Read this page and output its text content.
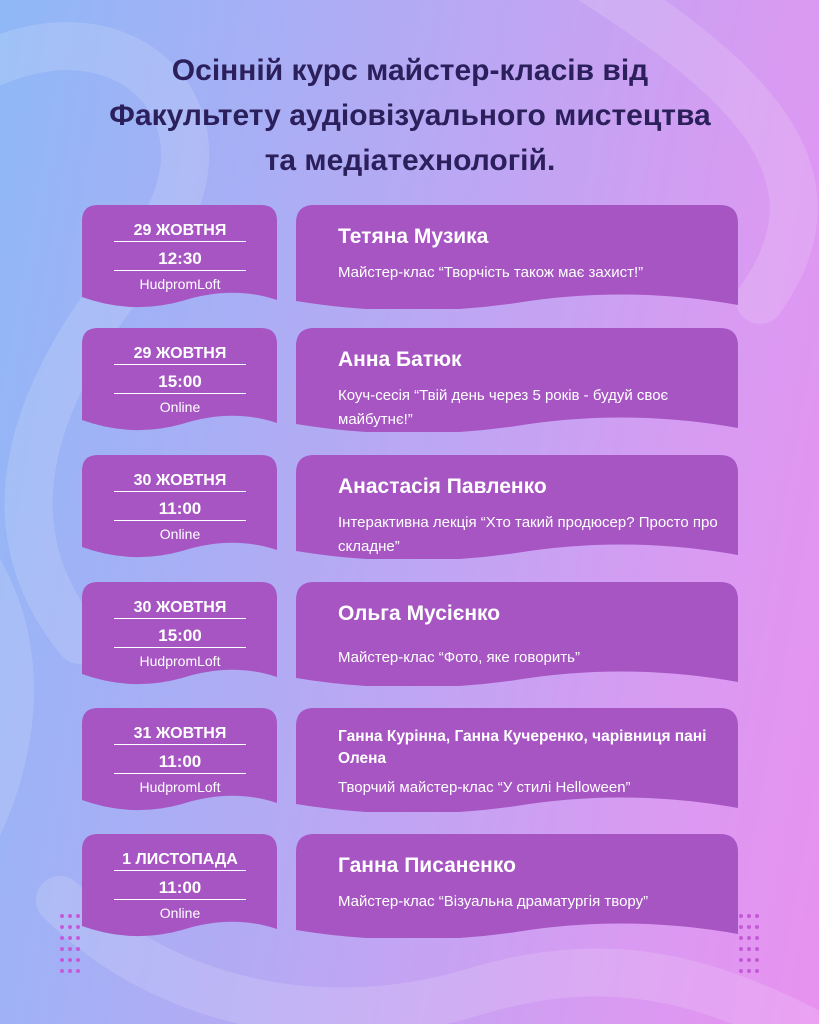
Осінній курс майстер-класів від
Факультету аудіовізуального мистецтва
та медіатехнологій.
29 ЖОВТНЯ
12:30
HudpromLoft
Тетяна Музика
Майстер-клас “Творчість також має захист!”
29 ЖОВТНЯ
15:00
Online
Анна Батюк
Коуч-сесія “Твій день через 5 років - будуй своє майбутнє!”
30 ЖОВТНЯ
11:00
Online
Анастасія Павленко
Інтерактивна лекція “Хто такий продюсер? Просто про складне”
30 ЖОВТНЯ
15:00
HudpromLoft
Ольга Мусієнко
Майстер-клас “Фото, яке говорить”
31 ЖОВТНЯ
11:00
HudpromLoft
Ганна Курінна, Ганна Кучеренко, чарівниця пані Олена
Творчий майстер-клас “У стилі Helloween”
1 ЛИСТОПАДА
11:00
Online
Ганна Писаненко
Майстер-клас “Візуальна драматургія твору”
